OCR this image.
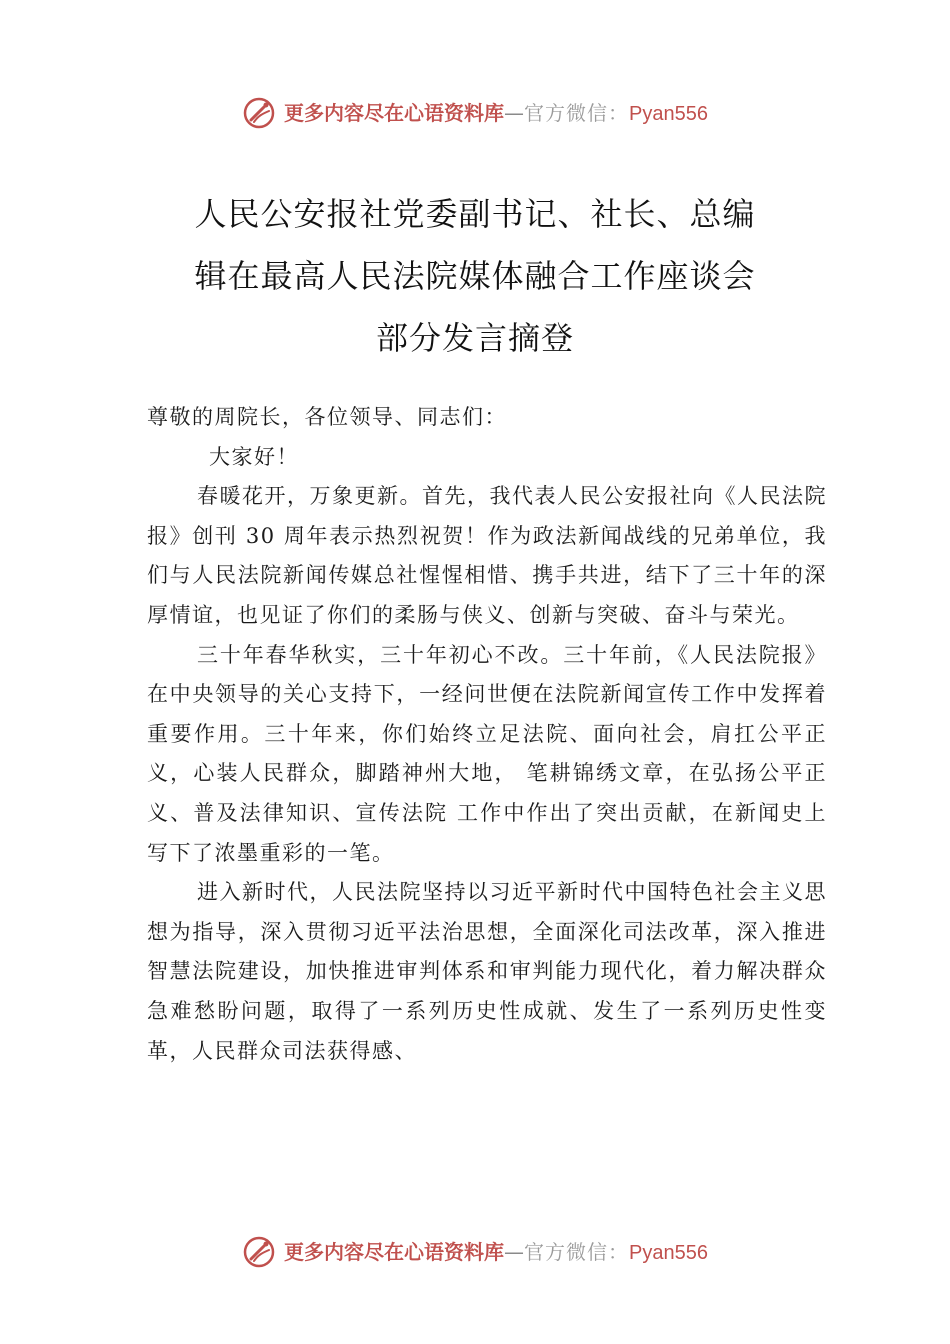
更多内容尽在心语资料库 — 官方微信： Pyan556
人民公安报社党委副书记、社长、总编
辑在最高人民法院媒体融合工作座谈会
部分发言摘登

尊敬的周院长，各位领导、同志们：

大家好！

春暖花开，万象更新。首先，我代表人民公安报社向《人民法院报》创刊 30 周年表示热烈祝贺！作为政法新闻战线的兄弟单位，我们与人民法院新闻传媒总社惺惺相惜、携手共进，结下了三十年的深厚情谊，也见证了你们的柔肠与侠义、创新与突破、奋斗与荣光。

三十年春华秋实，三十年初心不改。三十年前，《人民法院报》在中央领导的关心支持下，一经问世便在法院新闻宣传工作中发挥着重要作用。三十年来，你们始终立足法院、面向社会，肩扛公平正义，心装人民群众，脚踏神州大地， 笔耕锦绣文章，在弘扬公平正义、普及法律知识、宣传法院 工作中作出了突出贡献，在新闻史上写下了浓墨重彩的一笔。

进入新时代，人民法院坚持以习近平新时代中国特色社会主义思想为指导，深入贯彻习近平法治思想，全面深化司法改革，深入推进智慧法院建设，加快推进审判体系和审判能力现代化，着力解决群众急难愁盼问题，取得了一系列历史性成就、发生了一系列历史性变革，人民群众司法获得感、

更多内容尽在心语资料库 — 官方微信： Pyan556
